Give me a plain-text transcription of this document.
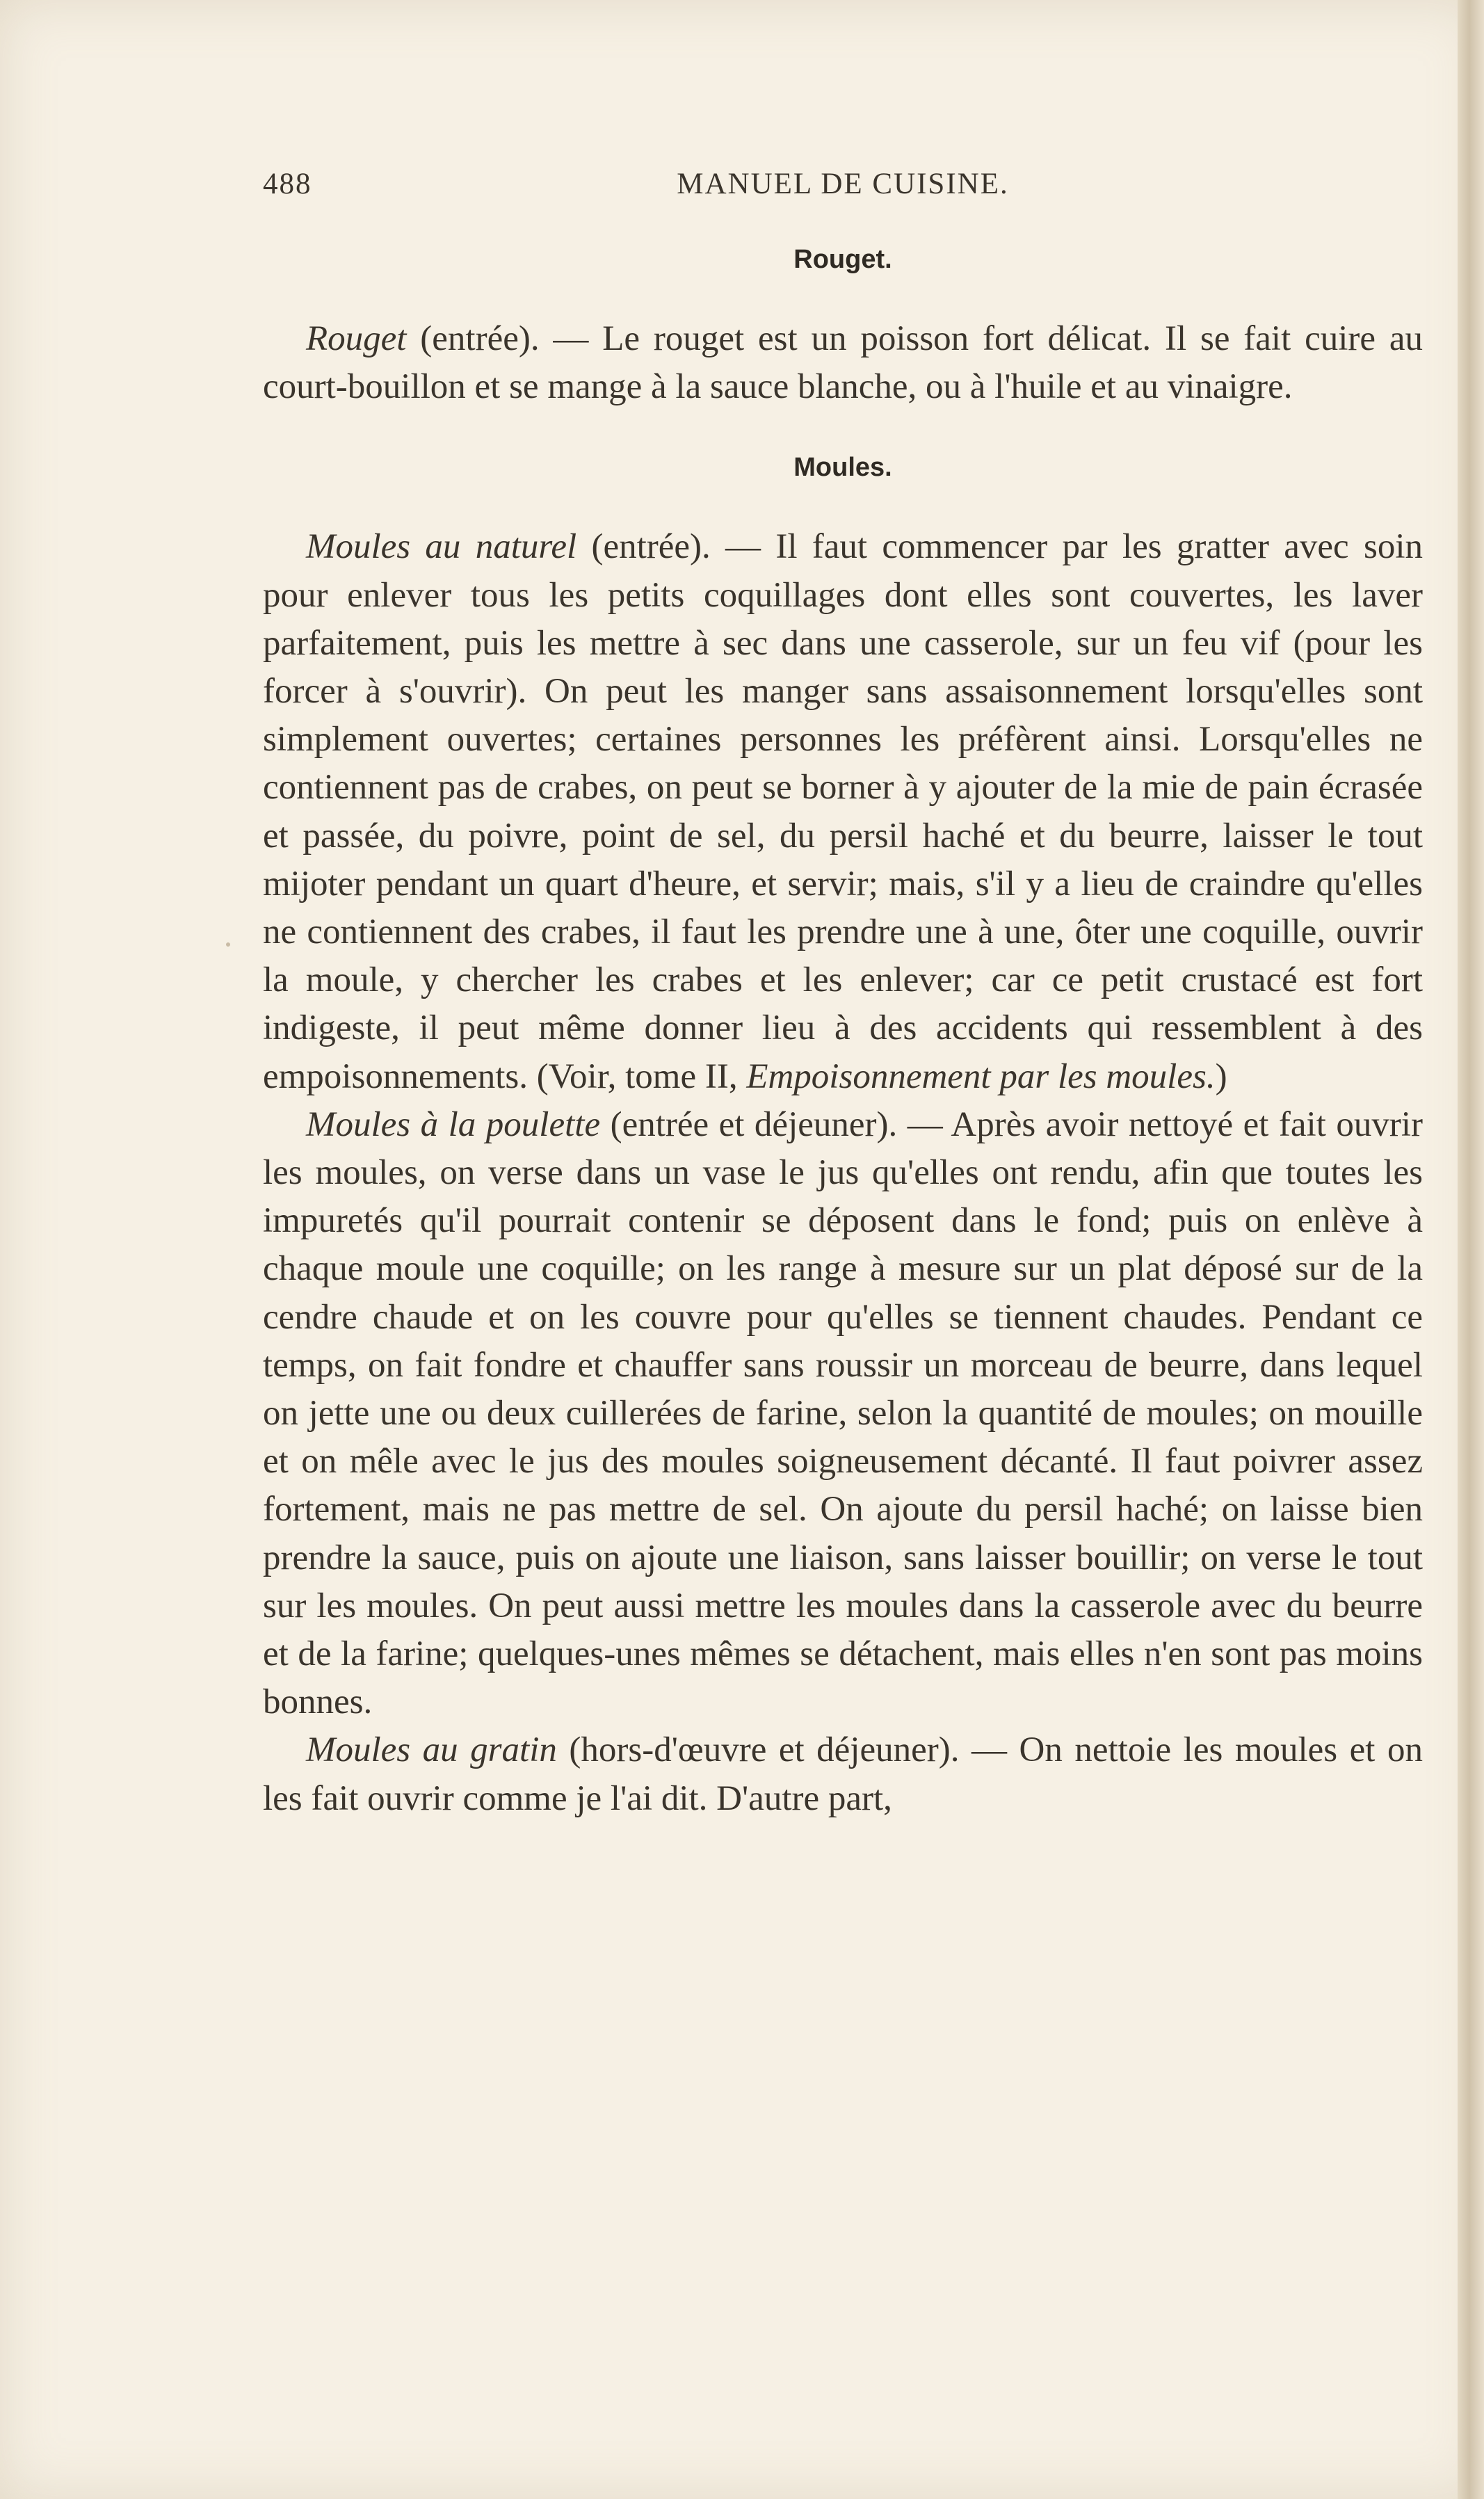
488	MANUEL DE CUISINE.
Rouget.

Rouget (entrée). — Le rouget est un poisson fort délicat. Il se fait cuire au court-bouillon et se mange à la sauce blanche, ou à l'huile et au vinaigre.

Moules.

Moules au naturel (entrée). — Il faut commencer par les gratter avec soin pour enlever tous les petits coquillages dont elles sont couvertes, les laver parfaitement, puis les mettre à sec dans une casserole, sur un feu vif (pour les forcer à s'ouvrir). On peut les manger sans assaisonnement lorsqu'elles sont simplement ouvertes; certaines personnes les préfèrent ainsi. Lorsqu'elles ne contiennent pas de crabes, on peut se borner à y ajouter de la mie de pain écrasée et passée, du poivre, point de sel, du persil haché et du beurre, laisser le tout mijoter pendant un quart d'heure, et servir; mais, s'il y a lieu de craindre qu'elles ne contiennent des crabes, il faut les prendre une à une, ôter une coquille, ouvrir la moule, y chercher les crabes et les enlever; car ce petit crustacé est fort indigeste, il peut même donner lieu à des accidents qui ressemblent à des empoisonnements. (Voir, tome II, Empoisonnement par les moules.)

Moules à la poulette (entrée et déjeuner). — Après avoir nettoyé et fait ouvrir les moules, on verse dans un vase le jus qu'elles ont rendu, afin que toutes les impuretés qu'il pourrait contenir se déposent dans le fond; puis on enlève à chaque moule une coquille; on les range à mesure sur un plat déposé sur de la cendre chaude et on les couvre pour qu'elles se tiennent chaudes. Pendant ce temps, on fait fondre et chauffer sans roussir un morceau de beurre, dans lequel on jette une ou deux cuillerées de farine, selon la quantité de moules; on mouille et on mêle avec le jus des moules soigneusement décanté. Il faut poivrer assez fortement, mais ne pas mettre de sel. On ajoute du persil haché; on laisse bien prendre la sauce, puis on ajoute une liaison, sans laisser bouillir; on verse le tout sur les moules. On peut aussi mettre les moules dans la casserole avec du beurre et de la farine; quelques-unes mêmes se détachent, mais elles n'en sont pas moins bonnes.

Moules au gratin (hors-d'œuvre et déjeuner). — On nettoie les moules et on les fait ouvrir comme je l'ai dit. D'autre part,
